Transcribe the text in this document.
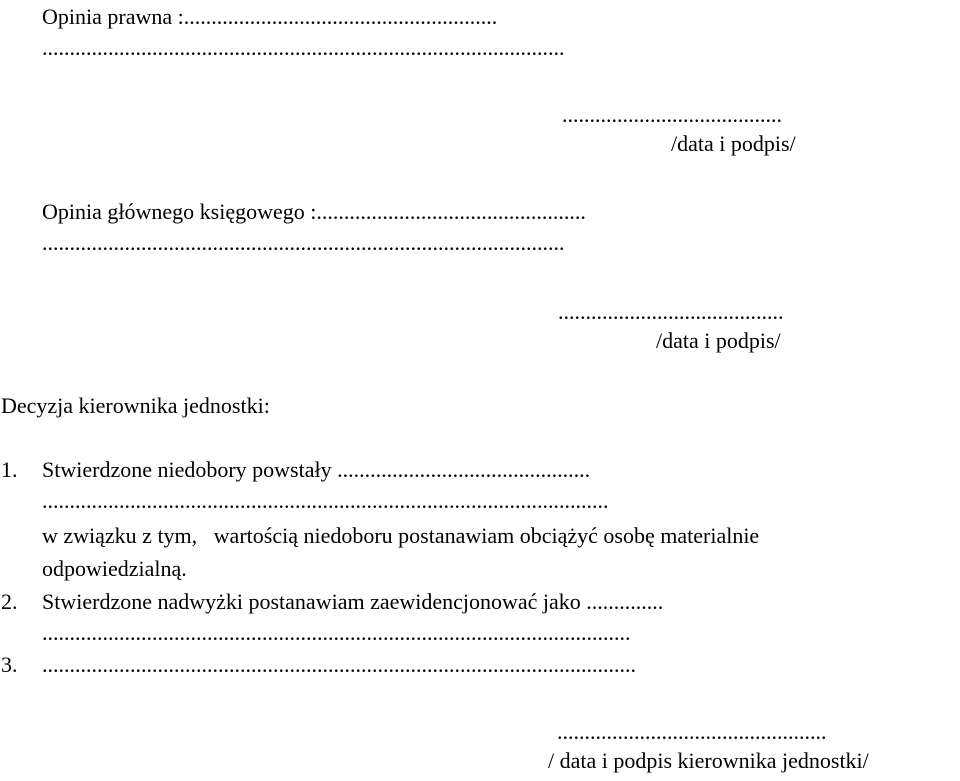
Opinia prawna :.........................................................
...............................................................................................
........................................
/data i podpis/
Opinia głównego księgowego :.................................................
...............................................................................................
.........................................
/data i podpis/
Decyzja kierownika jednostki:
1. Stwierdzone niedobory powstały ..............................................
.......................................................................................................
w związku z tym,   wartością niedoboru postanawiam obciążyć osobę materialnie
odpowiedzialną.
2. Stwierdzone nadwyżki postanawiam zaewidencjonować jako ..............
...........................................................................................................
3. ............................................................................................................
.................................................
/ data i podpis kierownika jednostki/
